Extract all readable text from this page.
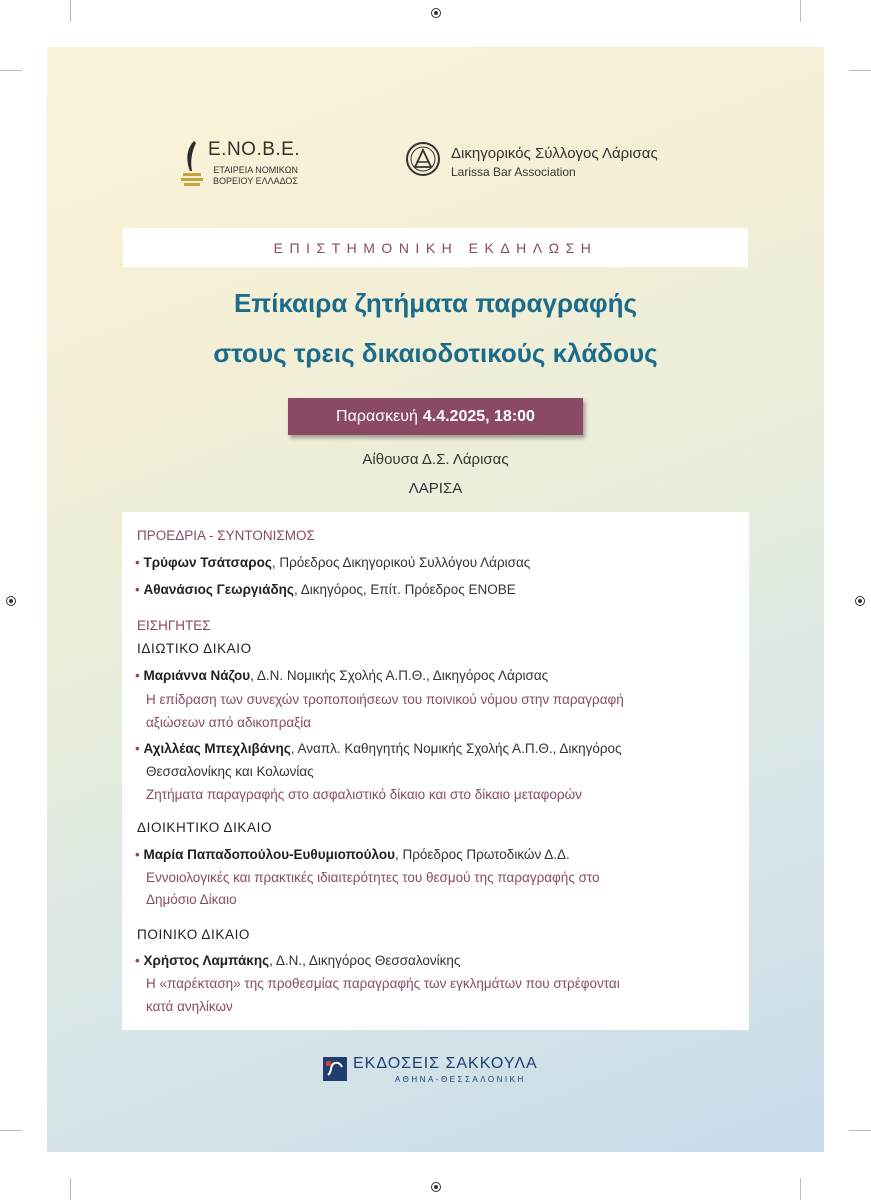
Ε.ΝΟ.Β.Ε.
ΕΤΑΙΡΕΙΑ ΝΟΜΙΚΩΝ
ΒΟΡΕΙΟΥ ΕΛΛΑΔΟΣ
Δικηγορικός Σύλλογος Λάρισας
Larissa Bar Association
ΕΠΙΣΤΗΜΟΝΙΚΗ ΕΚΔΗΛΩΣΗ
Επίκαιρα ζητήματα παραγραφής
στους τρεις δικαιοδοτικούς κλάδους
Παρασκευή 4.4.2025, 18:00
Αίθουσα Δ.Σ. Λάρισας
ΛΑΡΙΣΑ
ΠΡΟΕΔΡΙΑ - ΣΥΝΤΟΝΙΣΜΟΣ
• Τρύφων Τσάτσαρος, Πρόεδρος Δικηγορικού Συλλόγου Λάρισας
• Αθανάσιος Γεωργιάδης, Δικηγόρος, Επίτ. Πρόεδρος ΕΝΟΒΕ
ΕΙΣΗΓΗΤΕΣ
ΙΔΙΩΤΙΚΟ ΔΙΚΑΙΟ
• Μαριάννα Νάζου, Δ.Ν. Νομικής Σχολής Α.Π.Θ., Δικηγόρος Λάρισας
Η επίδραση των συνεχών τροποποιήσεων του ποινικού νόμου στην παραγραφή
αξιώσεων από αδικοπραξία
• Αχιλλέας Μπεχλιβάνης, Αναπλ. Καθηγητής Νομικής Σχολής Α.Π.Θ., Δικηγόρος
Θεσσαλονίκης και Κολωνίας
Ζητήματα παραγραφής στο ασφαλιστικό δίκαιο και στο δίκαιο μεταφορών
ΔΙΟΙΚΗΤΙΚΟ ΔΙΚΑΙΟ
• Μαρία Παπαδοπούλου-Ευθυμιοπούλου, Πρόεδρος Πρωτοδικών Δ.Δ.
Εννοιολογικές και πρακτικές ιδιαιτερότητες του θεσμού της παραγραφής στο
Δημόσιο Δίκαιο
ΠΟΙΝΙΚΟ ΔΙΚΑΙΟ
• Χρήστος Λαμπάκης, Δ.Ν., Δικηγόρος Θεσσαλονίκης
Η «παρέκταση» της προθεσμίας παραγραφής των εγκλημάτων που στρέφονται
κατά ανηλίκων
ΕΚΔΟΣΕΙΣ ΣΑΚΚΟΥΛΑ
ΑΘΗΝΑ-ΘΕΣΣΑΛΟΝΙΚΗ
